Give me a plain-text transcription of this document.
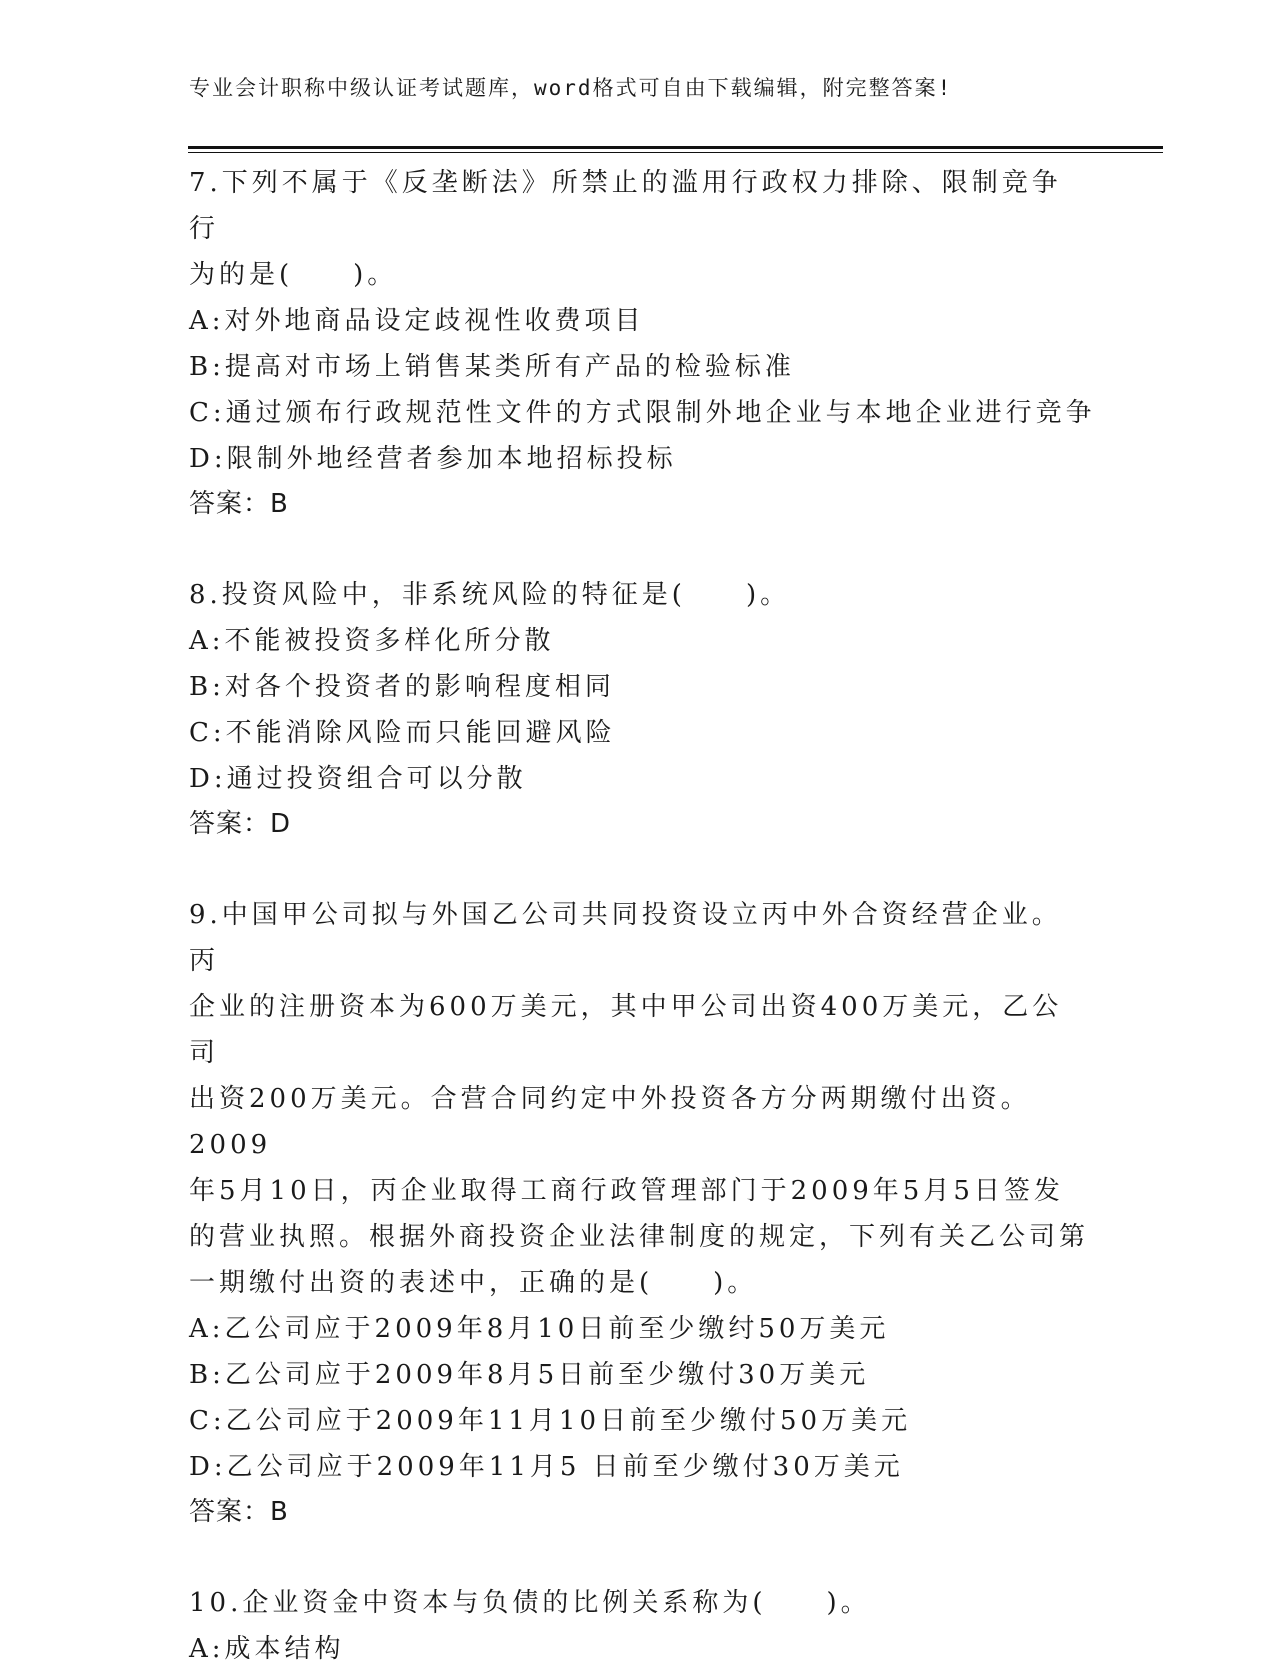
专业会计职称中级认证考试题库，word格式可自由下载编辑，附完整答案!

7.下列不属于《反垄断法》所禁止的滥用行政权力排除、限制竞争行

为的是(　　)。

A:对外地商品设定歧视性收费项目

B:提高对市场上销售某类所有产品的检验标准

C:通过颁布行政规范性文件的方式限制外地企业与本地企业进行竞争

D:限制外地经营者参加本地招标投标

答案：B

8.投资风险中，非系统风险的特征是(　　)。

A:不能被投资多样化所分散

B:对各个投资者的影响程度相同

C:不能消除风险而只能回避风险

D:通过投资组合可以分散

答案：D

9.中国甲公司拟与外国乙公司共同投资设立丙中外合资经营企业。丙

企业的注册资本为600万美元，其中甲公司出资400万美元，乙公司

出资200万美元。合营合同约定中外投资各方分两期缴付出资。2009

年5月10日，丙企业取得工商行政管理部门于2009年5月5日签发

的营业执照。根据外商投资企业法律制度的规定，下列有关乙公司第

一期缴付出资的表述中，正确的是(　　)。

A:乙公司应于2009年8月10日前至少缴纣50万美元

B:乙公司应于2009年8月5日前至少缴付30万美元

C:乙公司应于2009年11月10日前至少缴付50万美元

D:乙公司应于2009年11月5 日前至少缴付30万美元

答案：B

10.企业资金中资本与负债的比例关系称为(　　)。

A:成本结构
